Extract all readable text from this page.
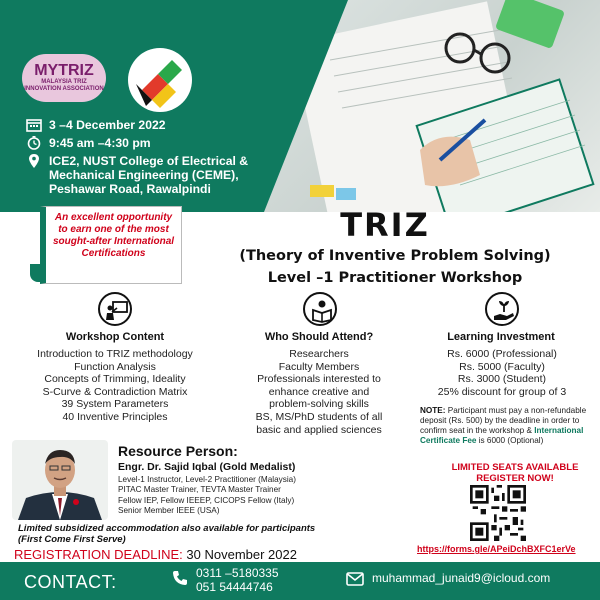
MYTRIZ
MALAYSIA TRIZ
INNOVATION ASSOCIATION
3 –4 December 2022
9:45 am –4:30 pm
ICE2, NUST College of Electrical & Mechanical Engineering (CEME), Peshawar Road, Rawalpindi
An excellent opportunity to earn one of the most sought-after International Certifications
TRIZ
(Theory of Inventive Problem Solving)
Level –1 Practitioner Workshop
Workshop Content	Who Should Attend?	Learning Investment
Introduction to TRIZ methodology
Function Analysis
Concepts of Trimming, Ideality
S-Curve & Contradiction Matrix
39 System Parameters
40 Inventive Principles
Researchers
Faculty Members
Professionals interested to
enhance creative and
problem-solving skills
BS, MS/PhD students of all
basic and applied sciences
Rs. 6000 (Professional)
Rs. 5000 (Faculty)
Rs. 3000 (Student)
25% discount for group of 3
NOTE: Participant must pay a non-refundable deposit (Rs. 500) by the deadline in order to confirm seat in the workshop & International Certificate Fee is 6000 (Optional)
Resource Person:
Engr. Dr. Sajid Iqbal (Gold Medalist)
Level-1 Instructor, Level-2 Practitioner (Malaysia)
PITAC Master Trainer, TEVTA Master Trainer
Fellow IEP, Fellow IEEEP, CICOPS Fellow (Italy)
Senior Member IEEE (USA)
LIMITED SEATS AVAILABLE
REGISTER NOW!
https://forms.gle/APeiDchBXFC1erVe
Limited subsidized accommodation also available for participants
(First Come First Serve)
REGISTRATION DEADLINE: 30 November 2022
CONTACT:	0311 –5180335
051 54444746
muhammad_junaid9@icloud.com
